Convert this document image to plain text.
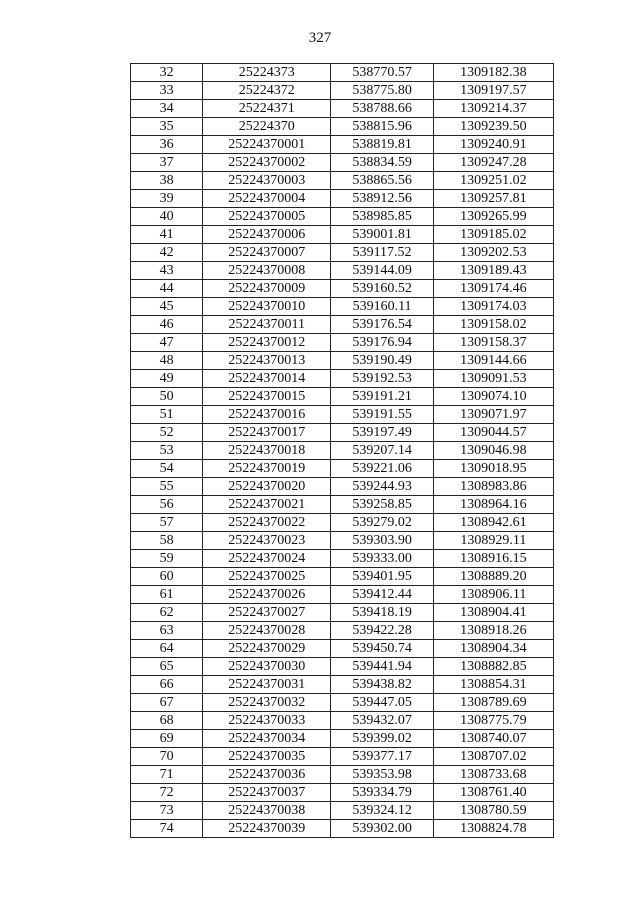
327
32	25224373	538770.57	1309182.38
33	25224372	538775.80	1309197.57
34	25224371	538788.66	1309214.37
35	25224370	538815.96	1309239.50
36	25224370001	538819.81	1309240.91
37	25224370002	538834.59	1309247.28
38	25224370003	538865.56	1309251.02
39	25224370004	538912.56	1309257.81
40	25224370005	538985.85	1309265.99
41	25224370006	539001.81	1309185.02
42	25224370007	539117.52	1309202.53
43	25224370008	539144.09	1309189.43
44	25224370009	539160.52	1309174.46
45	25224370010	539160.11	1309174.03
46	25224370011	539176.54	1309158.02
47	25224370012	539176.94	1309158.37
48	25224370013	539190.49	1309144.66
49	25224370014	539192.53	1309091.53
50	25224370015	539191.21	1309074.10
51	25224370016	539191.55	1309071.97
52	25224370017	539197.49	1309044.57
53	25224370018	539207.14	1309046.98
54	25224370019	539221.06	1309018.95
55	25224370020	539244.93	1308983.86
56	25224370021	539258.85	1308964.16
57	25224370022	539279.02	1308942.61
58	25224370023	539303.90	1308929.11
59	25224370024	539333.00	1308916.15
60	25224370025	539401.95	1308889.20
61	25224370026	539412.44	1308906.11
62	25224370027	539418.19	1308904.41
63	25224370028	539422.28	1308918.26
64	25224370029	539450.74	1308904.34
65	25224370030	539441.94	1308882.85
66	25224370031	539438.82	1308854.31
67	25224370032	539447.05	1308789.69
68	25224370033	539432.07	1308775.79
69	25224370034	539399.02	1308740.07
70	25224370035	539377.17	1308707.02
71	25224370036	539353.98	1308733.68
72	25224370037	539334.79	1308761.40
73	25224370038	539324.12	1308780.59
74	25224370039	539302.00	1308824.78
